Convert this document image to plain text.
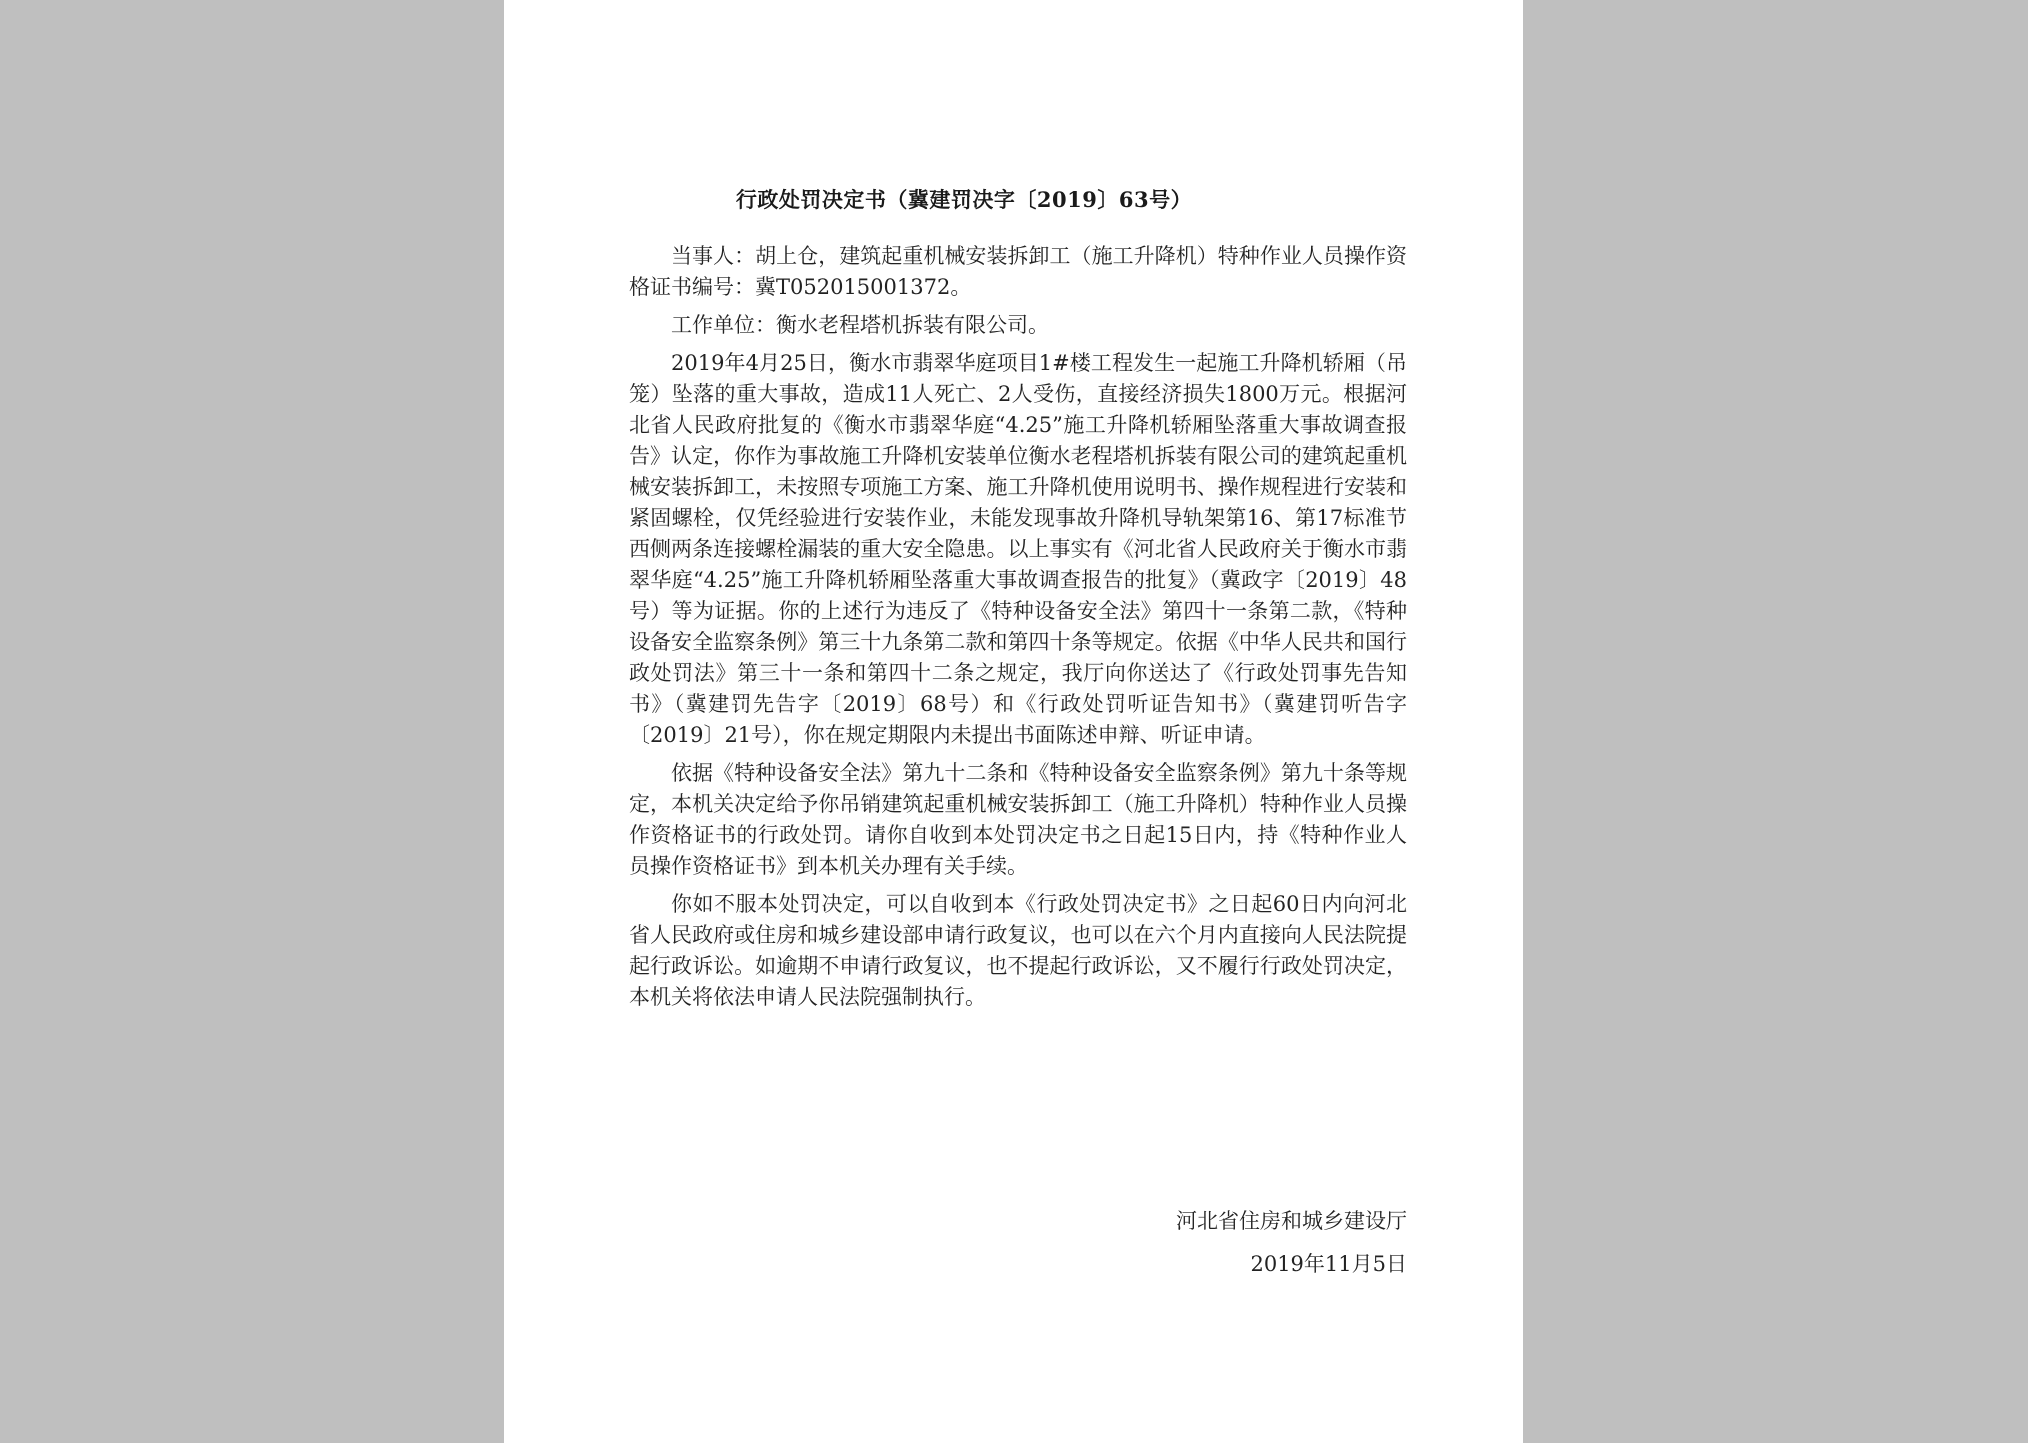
行政处罚决定书（冀建罚决字〔2019〕63号）

当事人：胡上仓，建筑起重机械安装拆卸工（施工升降机）特种作业人员操作资格证书编号：冀T052015001372。

工作单位：衡水老程塔机拆装有限公司。

2019年4月25日，衡水市翡翠华庭项目1#楼工程发生一起施工升降机轿厢（吊笼）坠落的重大事故，造成11人死亡、2人受伤，直接经济损失1800万元。根据河北省人民政府批复的《衡水市翡翠华庭“4.25”施工升降机轿厢坠落重大事故调查报告》认定，你作为事故施工升降机安装单位衡水老程塔机拆装有限公司的建筑起重机械安装拆卸工，未按照专项施工方案、施工升降机使用说明书、操作规程进行安装和紧固螺栓，仅凭经验进行安装作业，未能发现事故升降机导轨架第16、第17标准节西侧两条连接螺栓漏装的重大安全隐患。以上事实有《河北省人民政府关于衡水市翡翠华庭“4.25”施工升降机轿厢坠落重大事故调查报告的批复》（冀政字〔2019〕48号）等为证据。你的上述行为违反了《特种设备安全法》第四十一条第二款，《特种设备安全监察条例》第三十九条第二款和第四十条等规定。依据《中华人民共和国行政处罚法》第三十一条和第四十二条之规定，我厅向你送达了《行政处罚事先告知书》（冀建罚先告字〔2019〕68号）和《行政处罚听证告知书》（冀建罚听告字〔2019〕21号），你在规定期限内未提出书面陈述申辩、听证申请。

依据《特种设备安全法》第九十二条和《特种设备安全监察条例》第九十条等规定，本机关决定给予你吊销建筑起重机械安装拆卸工（施工升降机）特种作业人员操作资格证书的行政处罚。请你自收到本处罚决定书之日起15日内，持《特种作业人员操作资格证书》到本机关办理有关手续。

你如不服本处罚决定，可以自收到本《行政处罚决定书》之日起60日内向河北省人民政府或住房和城乡建设部申请行政复议，也可以在六个月内直接向人民法院提起行政诉讼。如逾期不申请行政复议，也不提起行政诉讼，又不履行行政处罚决定，本机关将依法申请人民法院强制执行。

河北省住房和城乡建设厅
2019年11月5日
